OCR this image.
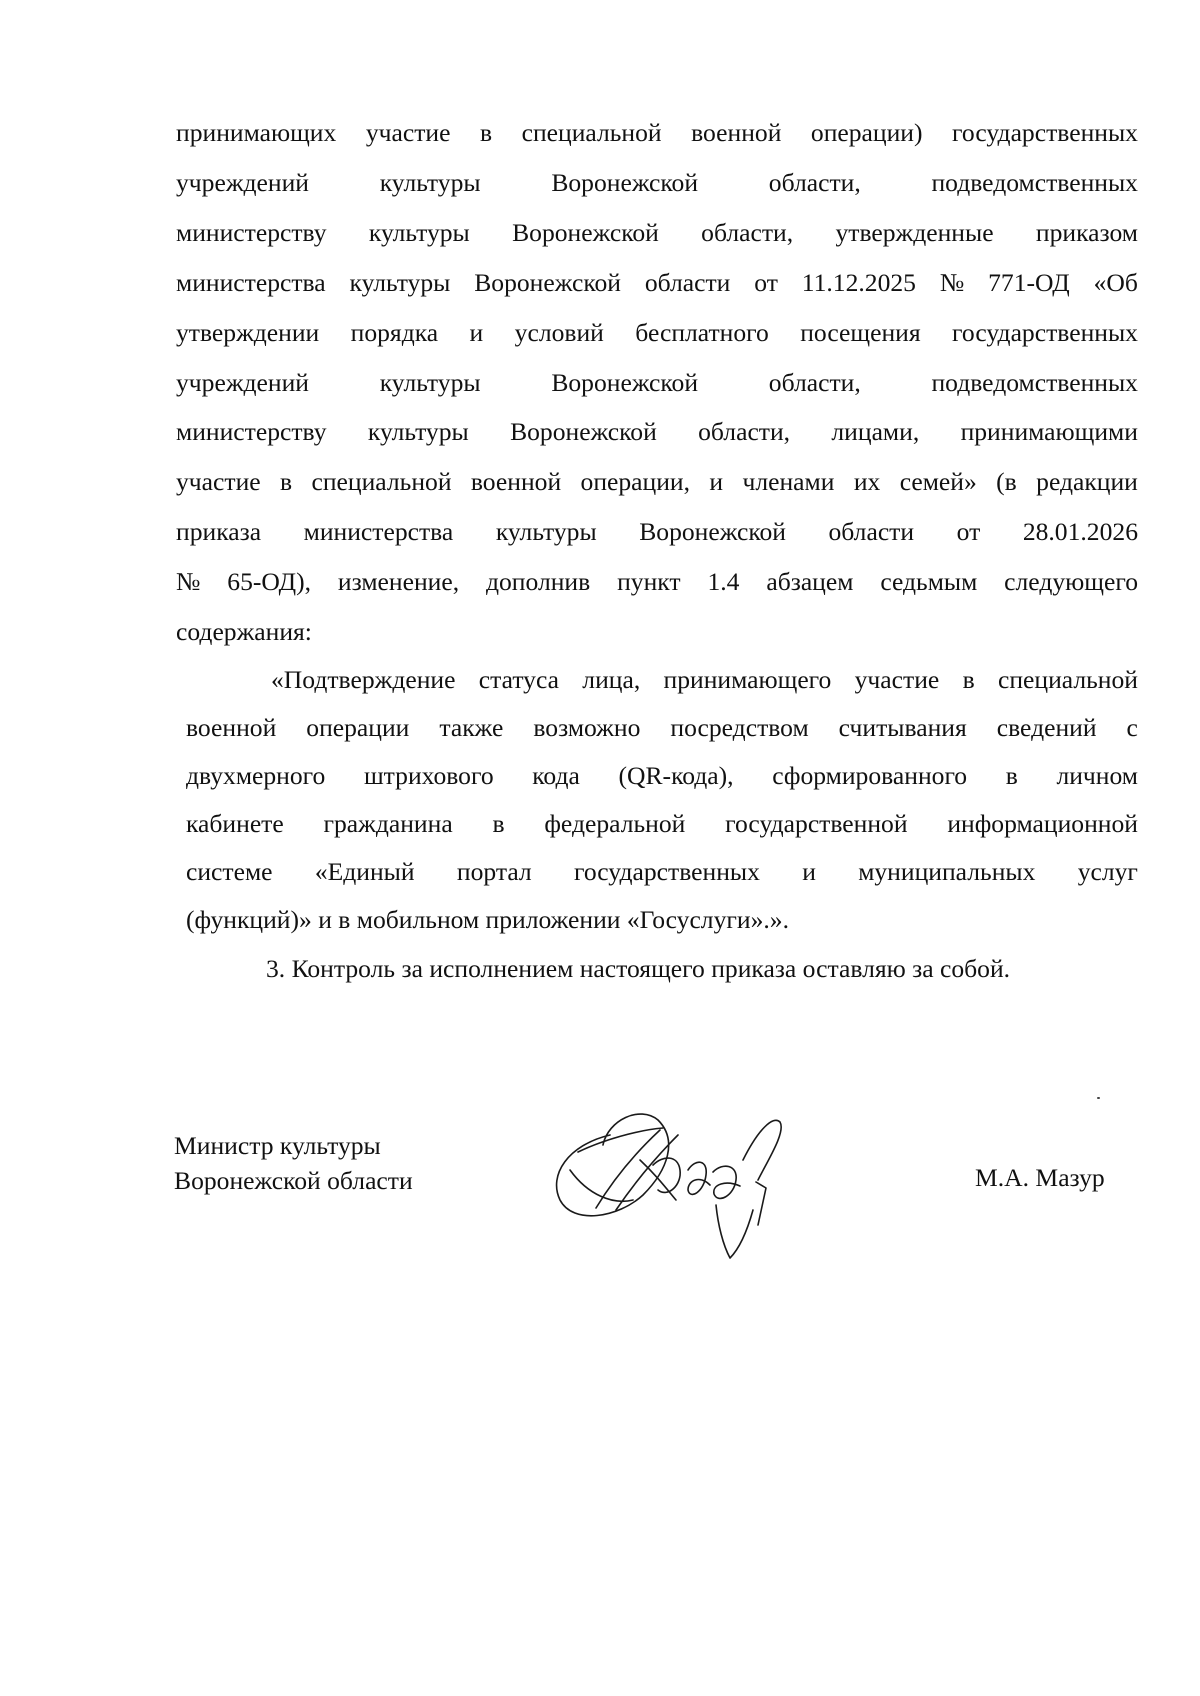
принимающих участие в специальной военной операции) государственных
учреждений	культуры	Воронежской	области,	подведомственных
министерству культуры Воронежской области, утвержденные приказом
министерства культуры Воронежской области от 11.12.2025 № 771-ОД «Об
утверждении порядка и условий бесплатного посещения государственных
учреждений	культуры	Воронежской	области,	подведомственных
министерству культуры Воронежской области, лицами, принимающими
участие в специальной военной операции, и членами их семей» (в редакции
приказа министерства культуры Воронежской области от 28.01.2026
№ 65-ОД), изменение, дополнив пункт 1.4 абзацем седьмым следующего
содержания:
«Подтверждение статуса лица, принимающего участие в специальной
военной операции также возможно посредством считывания сведений с
двухмерного штрихового кода (QR-кода), сформированного в личном
кабинете гражданина в федеральной государственной информационной
системе «Единый портал государственных и муниципальных услуг
(функций)» и в мобильном приложении «Госуслуги».».
3. Контроль за исполнением настоящего приказа оставляю за собой.
Министр культуры
Воронежской области	М.А. Мазур
